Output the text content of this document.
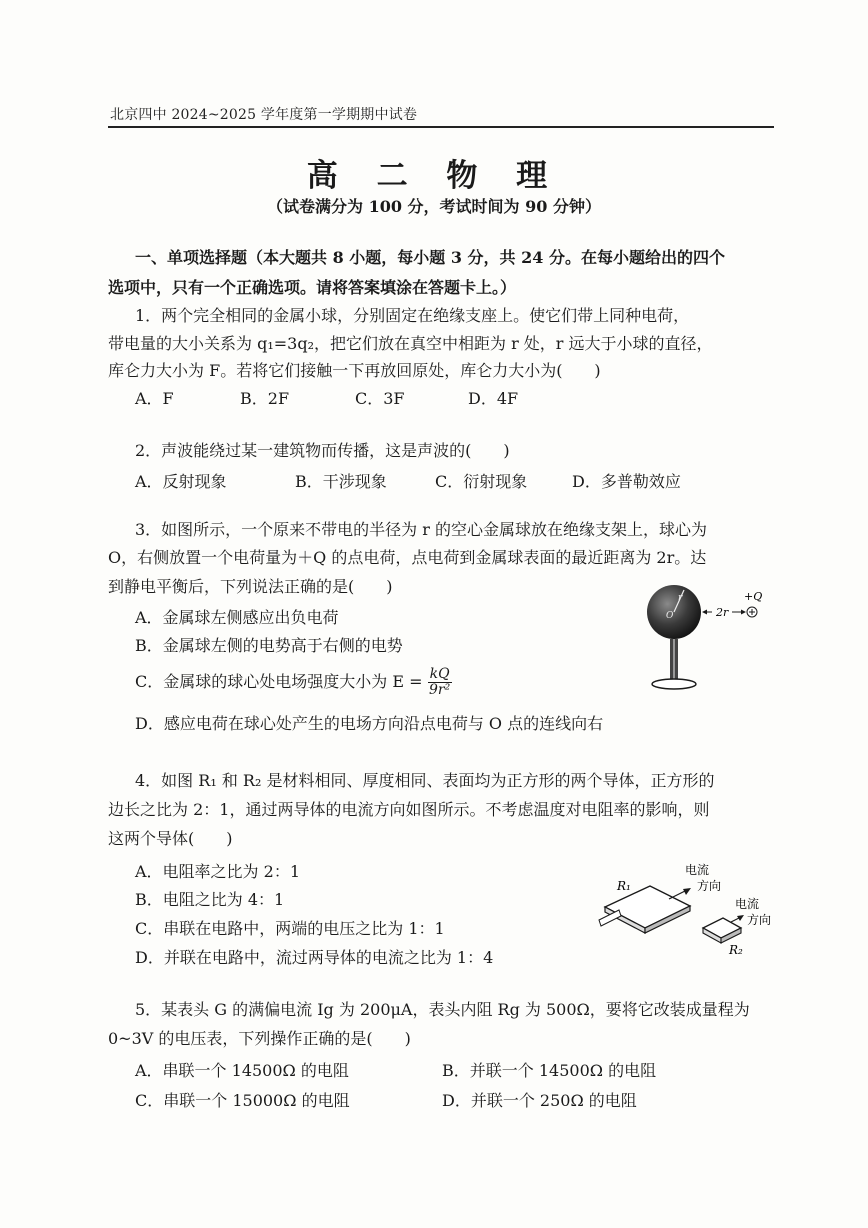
北京四中 2024~2025 学年度第一学期期中试卷
高 二 物 理
（试卷满分为 100 分，考试时间为 90 分钟）
一、单项选择题（本大题共 8 小题，每小题 3 分，共 24 分。在每小题给出的四个
选项中，只有一个正确选项。请将答案填涂在答题卡上。）
1．两个完全相同的金属小球，分别固定在绝缘支座上。使它们带上同种电荷，
带电量的大小关系为 q₁=3q₂，把它们放在真空中相距为 r 处，r 远大于小球的直径，
库仑力大小为 F。若将它们接触一下再放回原处，库仑力大小为(　　)
A．F	B．2F	C．3F	D．4F
2．声波能绕过某一建筑物而传播，这是声波的(　　)
A．反射现象	B．干涉现象	C．衍射现象	D．多普勒效应
3．如图所示，一个原来不带电的半径为 r 的空心金属球放在绝缘支架上，球心为
O，右侧放置一个电荷量为＋Q 的点电荷，点电荷到金属球表面的最近距离为 2r。达
到静电平衡后，下列说法正确的是(　　)
A．金属球左侧感应出负电荷
B．金属球左侧的电势高于右侧的电势
C．金属球的球心处电场强度大小为 $E = \frac{kQ}{\text{9r²}}$
D．感应电荷在球心处产生的电场方向沿点电荷与 O 点的连线向右
r
O	2r
+Q
4．如图 R₁ 和 R₂ 是材料相同、厚度相同、表面均为正方形的两个导体，正方形的
边长之比为 2：1，通过两导体的电流方向如图所示。不考虑温度对电阻率的影响，则
这两个导体(　　)
A．电阻率之比为 2：1
B．电阻之比为 4：1
C．串联在电路中，两端的电压之比为 1：1
D．并联在电路中，流过两导体的电流之比为 1：4
R₁
电流
方向
电流
方向
R₂
5．某表头 G 的满偏电流 Ig 为 200μA，表头内阻 Rg 为 500Ω，要将它改装成量程为
0~3V 的电压表，下列操作正确的是(　　)
A．串联一个 14500Ω 的电阻	B．并联一个 14500Ω 的电阻
C．串联一个 15000Ω 的电阻	D．并联一个 250Ω 的电阻
